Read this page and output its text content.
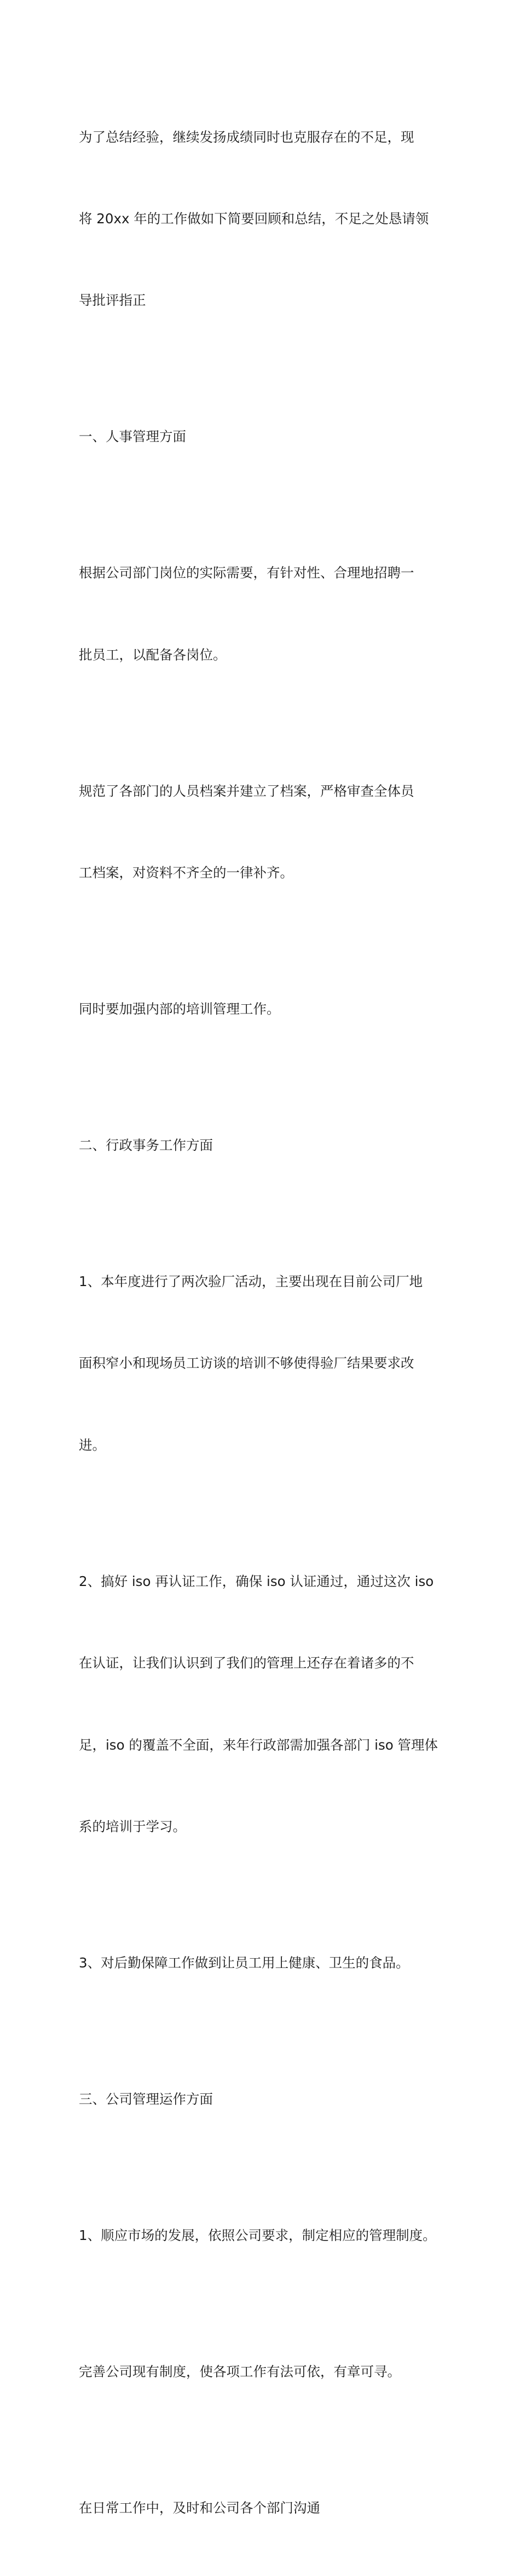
为了总结经验，继续发扬成绩同时也克服存在的不足，现

将 20xx 年的工作做如下简要回顾和总结，不足之处恳请领

导批评指正

一、人事管理方面

根据公司部门岗位的实际需要，有针对性、合理地招聘一

批员工，以配备各岗位。

规范了各部门的人员档案并建立了档案，严格审查全体员

工档案，对资料不齐全的一律补齐。

同时要加强内部的培训管理工作。

二、行政事务工作方面

1、本年度进行了两次验厂活动，主要出现在目前公司厂地

面积窄小和现场员工访谈的培训不够使得验厂结果要求改

进。

2、搞好 iso 再认证工作，确保 iso 认证通过，通过这次 iso

在认证，让我们认识到了我们的管理上还存在着诸多的不

足，iso 的覆盖不全面，来年行政部需加强各部门 iso 管理体

系的培训于学习。

3、对后勤保障工作做到让员工用上健康、卫生的食品。

三、公司管理运作方面

1、顺应市场的发展，依照公司要求，制定相应的管理制度。

完善公司现有制度，使各项工作有法可依，有章可寻。

在日常工作中，及时和公司各个部门沟通
